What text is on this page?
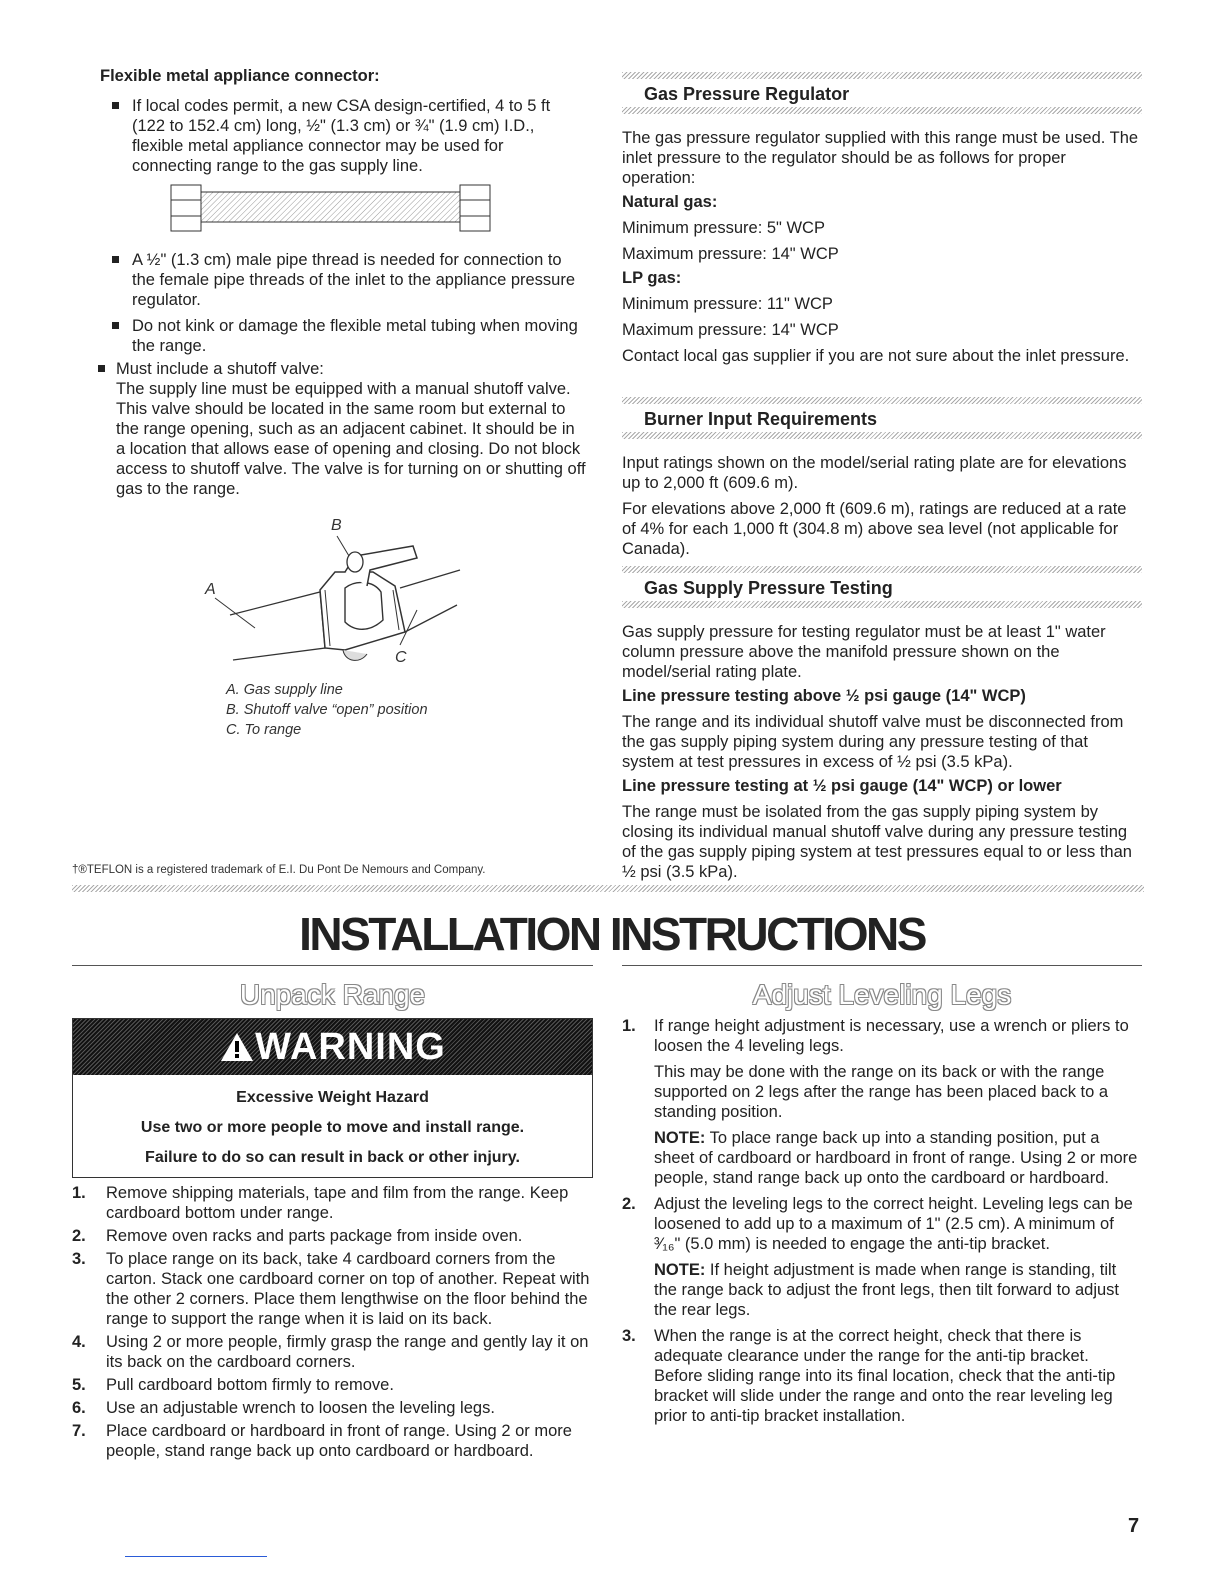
Flexible metal appliance connector:

If local codes permit, a new CSA design-certified, 4 to 5 ft (122 to 152.4 cm) long, ½" (1.3 cm) or ¾" (1.9 cm) I.D., flexible metal appliance connector may be used for connecting range to the gas supply line.
A ½" (1.3 cm) male pipe thread is needed for connection to the female pipe threads of the inlet to the appliance pressure regulator.
Do not kink or damage the flexible metal tubing when moving the range.

Must include a shutoff valve:

The supply line must be equipped with a manual shutoff valve. This valve should be located in the same room but external to the range opening, such as an adjacent cabinet. It should be in a location that allows ease of opening and closing. Do not block access to shutoff valve. The valve is for turning on or shutting off gas to the range.

B
A
C

A. Gas supply line

B. Shutoff valve “open” position

C. To range

†®TEFLON is a registered trademark of E.I. Du Pont De Nemours and Company.

Gas Pressure Regulator

The gas pressure regulator supplied with this range must be used. The inlet pressure to the regulator should be as follows for proper operation:

Natural gas:

Minimum pressure: 5" WCP

Maximum pressure: 14" WCP

LP gas:

Minimum pressure: 11" WCP

Maximum pressure: 14" WCP

Contact local gas supplier if you are not sure about the inlet pressure.

Burner Input Requirements

Input ratings shown on the model/serial rating plate are for elevations up to 2,000 ft (609.6 m).

For elevations above 2,000 ft (609.6 m), ratings are reduced at a rate of 4% for each 1,000 ft (304.8 m) above sea level (not applicable for Canada).

Gas Supply Pressure Testing

Gas supply pressure for testing regulator must be at least 1" water column pressure above the manifold pressure shown on the model/serial rating plate.

Line pressure testing above ½ psi gauge (14" WCP)

The range and its individual shutoff valve must be disconnected from the gas supply piping system during any pressure testing of that system at test pressures in excess of ½ psi (3.5 kPa).

Line pressure testing at ½ psi gauge (14" WCP) or lower

The range must be isolated from the gas supply piping system by closing its individual manual shutoff valve during any pressure testing of the gas supply piping system at test pressures equal to or less than ½ psi (3.5 kPa).

INSTALLATION INSTRUCTIONS
Unpack Range
WARNING

Excessive Weight Hazard

Use two or more people to move and install range.

Failure to do so can result in back or other injury.

1. Remove shipping materials, tape and film from the range. Keep cardboard bottom under range.
2. Remove oven racks and parts package from inside oven.
3. To place range on its back, take 4 cardboard corners from the carton. Stack one cardboard corner on top of another. Repeat with the other 2 corners. Place them lengthwise on the floor behind the range to support the range when it is laid on its back.
4. Using 2 or more people, firmly grasp the range and gently lay it on its back on the cardboard corners.
5. Pull cardboard bottom firmly to remove.
6. Use an adjustable wrench to loosen the leveling legs.
7. Place cardboard or hardboard in front of range. Using 2 or more people, stand range back up onto cardboard or hardboard.
Adjust Leveling Legs
1. If range height adjustment is necessary, use a wrench or pliers to loosen the 4 leveling legs.

This may be done with the range on its back or with the range supported on 2 legs after the range has been placed back to a standing position.

NOTE: To place range back up into a standing position, put a sheet of cardboard or hardboard in front of range. Using 2 or more people, stand range back up onto the cardboard or hardboard.

2. Adjust the leveling legs to the correct height. Leveling legs can be loosened to add up to a maximum of 1" (2.5 cm). A minimum of ³⁄₁₆" (5.0 mm) is needed to engage the anti-tip bracket.

NOTE: If height adjustment is made when range is standing, tilt the range back to adjust the front legs, then tilt forward to adjust the rear legs.

3. When the range is at the correct height, check that there is adequate clearance under the range for the anti-tip bracket. Before sliding range into its final location, check that the anti-tip bracket will slide under the range and onto the rear leveling leg prior to anti-tip bracket installation.

7
